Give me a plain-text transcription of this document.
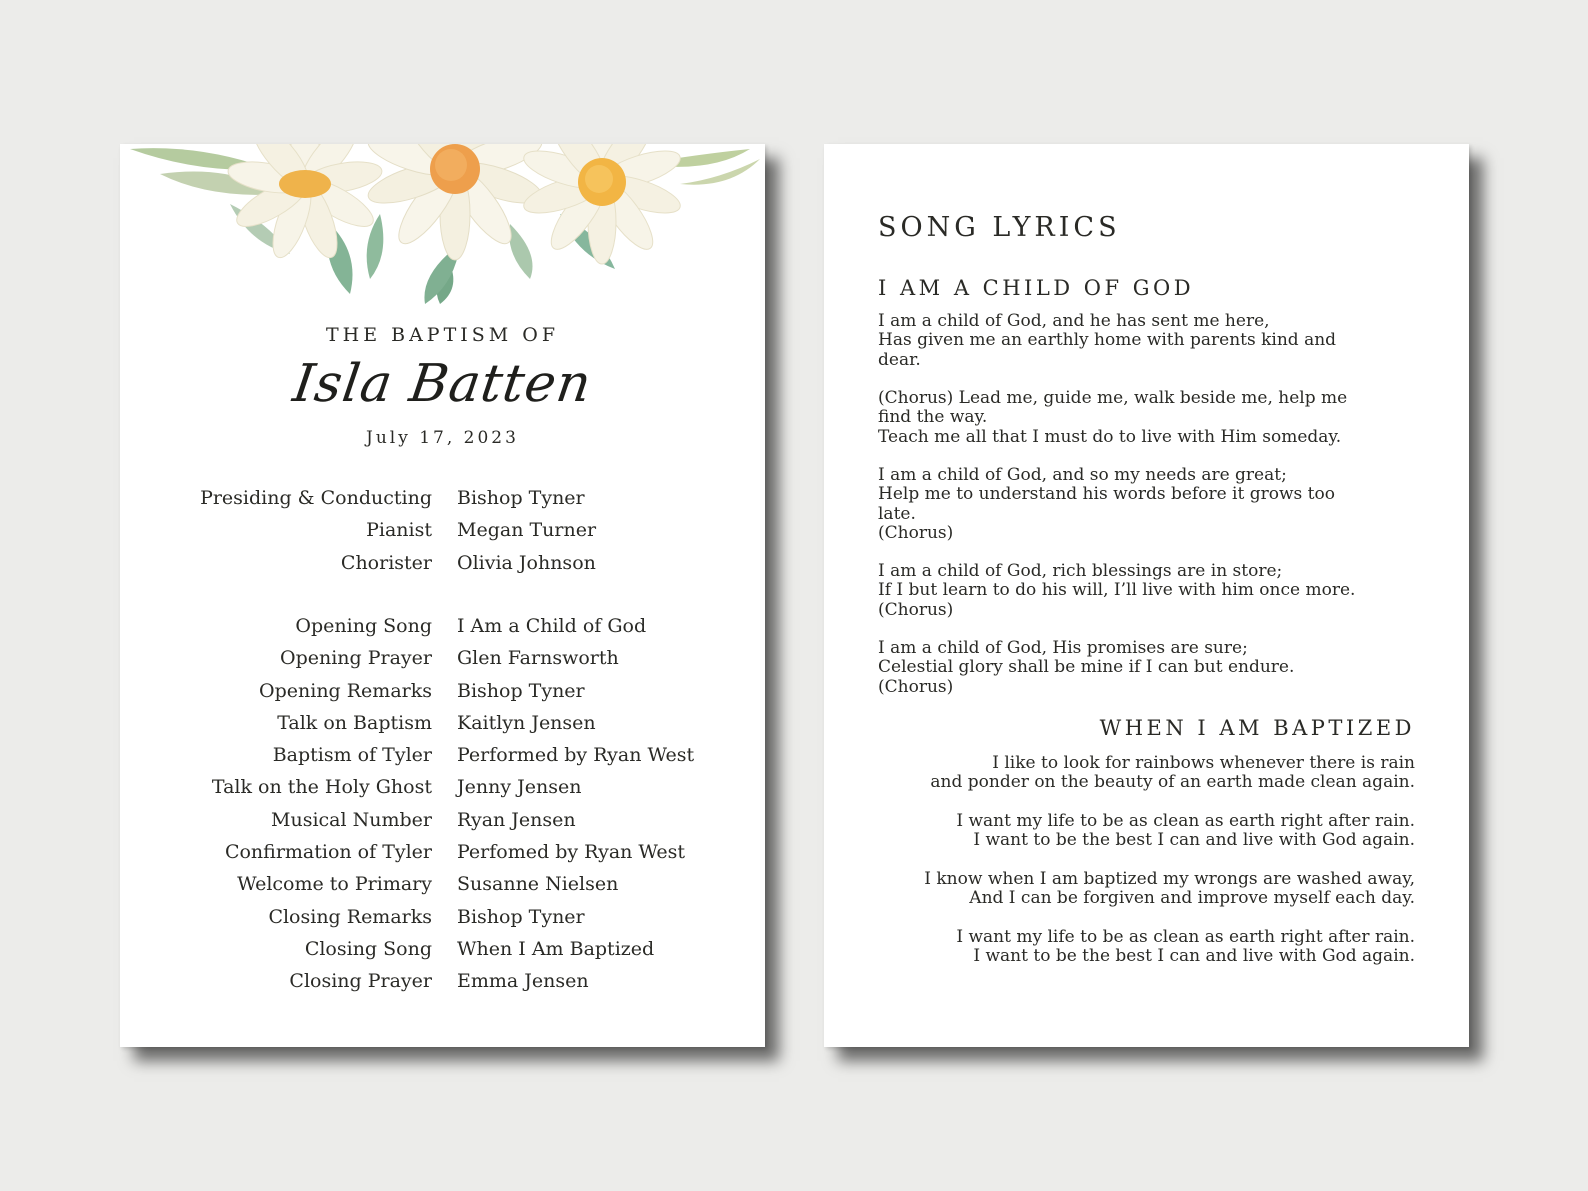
THE BAPTISM OF
Isla Batten
July 17, 2023
Presiding & Conducting Bishop Tyner
Pianist Megan Turner
Chorister Olivia Johnson
Opening Song I Am a Child of God
Opening Prayer Glen Farnsworth
Opening Remarks Bishop Tyner
Talk on Baptism Kaitlyn Jensen
Baptism of Tyler Performed by Ryan West
Talk on the Holy Ghost Jenny Jensen
Musical Number Ryan Jensen
Confirmation of Tyler Perfomed by Ryan West
Welcome to Primary Susanne Nielsen
Closing Remarks Bishop Tyner
Closing Song When I Am Baptized
Closing Prayer Emma Jensen
SONG LYRICS
I AM A CHILD OF GOD
I am a child of God, and he has sent me here,
Has given me an earthly home with parents kind and
dear.
(Chorus) Lead me, guide me, walk beside me, help me
find the way.
Teach me all that I must do to live with Him someday.
I am a child of God, and so my needs are great;
Help me to understand his words before it grows too
late.
(Chorus)
I am a child of God, rich blessings are in store;
If I but learn to do his will, I’ll live with him once more.
(Chorus)
I am a child of God, His promises are sure;
Celestial glory shall be mine if I can but endure.
(Chorus)
WHEN I AM BAPTIZED
I like to look for rainbows whenever there is rain
and ponder on the beauty of an earth made clean again.
I want my life to be as clean as earth right after rain.
I want to be the best I can and live with God again.
I know when I am baptized my wrongs are washed away,
And I can be forgiven and improve myself each day.
I want my life to be as clean as earth right after rain.
I want to be the best I can and live with God again.
